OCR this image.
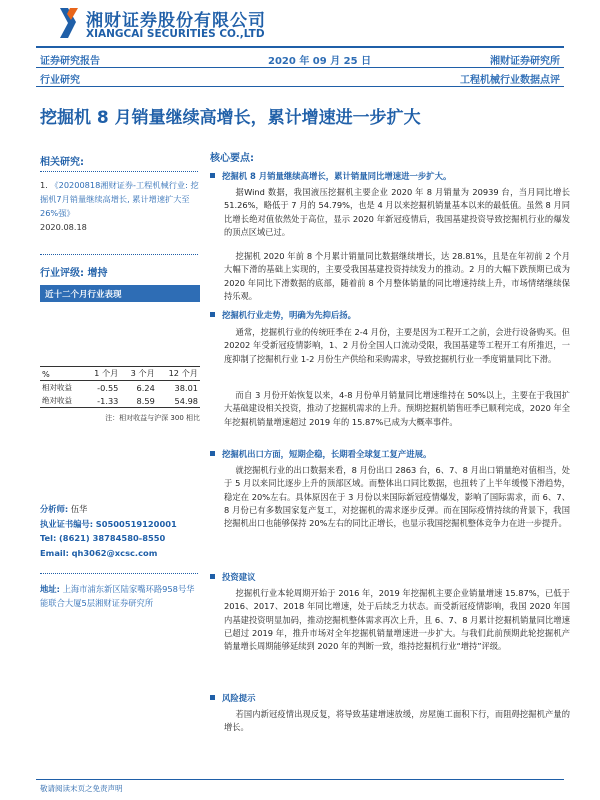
湘财证券股份有限公司
XIANGCAI SECURITIES CO.,LTD
证券研究报告	2020 年 09 月 25 日	湘财证券研究所
行业研究	工程机械行业数据点评
挖掘机 8 月销量继续高增长，累计增速进一步扩大
相关研究:
1. 《20200818湘财证券-工程机械行业: 挖掘机7月销量继续高增长, 累计增速扩大至26%强》
2020.08.18
行业评级: 增持
近十二个月行业表现
%	1 个月	3 个月	12 个月
相对收益	-0.55	6.24	38.01
绝对收益	-1.33	8.59	54.98
注：相对收益与沪深 300 相比
分析师: 伍华
执业证书编号: S0500519120001
Tel: (8621) 38784580-8550
Email: qh3062@xcsc.com
地址: 上海市浦东新区陆家嘴环路958号华能联合大厦5层湘财证券研究所
核心要点:
挖掘机 8 月销量继续高增长，累计销量同比增速进一步扩大。
据Wind 数据，我国液压挖掘机主要企业 2020 年 8 月销量为 20939 台，当月同比增长 51.26%，略低于 7 月的 54.79%，也是 4 月以来挖掘机销量基本以来的最低值。虽然 8 月同比增长绝对值依然处于高位，显示 2020 年新冠疫情后，我国基建投资导致挖掘机行业的爆发的顶点区域已过。
挖掘机 2020 年前 8 个月累计销量同比数据继续增长，达 28.81%，且是在年初前 2 个月大幅下滑的基础上实现的，主要受我国基建投资持续发力的推动。2 月的大幅下跌预期已成为 2020 年同比下滑数据的底部，随着前 8 个月整体销量的同比增速持续上升，市场情绪继续保持乐观。
挖掘机行业走势，明确为先抑后扬。
通常，挖掘机行业的传统旺季在 2-4 月份，主要是因为工程开工之前，会进行设备购买。但 20202 年受新冠疫情影响，1、2 月份全国人口流动受限，我国基建等工程开工有所推迟，一度抑制了挖掘机行业 1-2 月份生产供给和采购需求，导致挖掘机行业一季度销量同比下滑。
而自 3 月份开始恢复以来，4-8 月份单月销量同比增速维持在 50%以上，主要在于我国扩大基础建设相关投资，推动了挖掘机需求的上升。预期挖掘机销售旺季已顺利完成，2020 年全年挖掘机销量增速超过 2019 年的 15.87%已成为大概率事件。
挖掘机出口方面，短期企稳，长期看全球复工复产进展。
就挖掘机行业的出口数据来看，8 月份出口 2863 台，6、7、8 月出口销量绝对值相当，处于 5 月以来同比逐步上升的顶部区域。而整体出口同比数据，也扭转了上半年缓慢下滑趋势，稳定在 20%左右。具体原因在于 3 月份以来国际新冠疫情爆发，影响了国际需求，而 6、7、8 月份已有多数国家复产复工，对挖掘机的需求逐步反弹。而在国际疫情持续的背景下，我国挖掘机出口也能够保持 20%左右的同比正增长，也显示我国挖掘机整体竞争力在进一步提升。
投资建议
挖掘机行业本轮周期开始于 2016 年，2019 年挖掘机主要企业销量增速 15.87%，已低于 2016、2017、2018 年同比增速，处于后续乏力状态。而受新冠疫情影响，我国 2020 年国内基建投资明显加码，推动挖掘机整体需求再次上升，且 6、7、8 月累计挖掘机销量同比增速已超过 2019 年，推升市场对全年挖掘机销量增速进一步扩大。与我们此前预期此轮挖掘机产销量增长周期能够延续到 2020 年的判断一致，维持挖掘机行业“增持”评级。
风险提示
若国内新冠疫情出现反复，将导致基建增速放缓，房屋施工面积下行，而阻碍挖掘机产量的增长。
敬请阅读末页之免责声明
